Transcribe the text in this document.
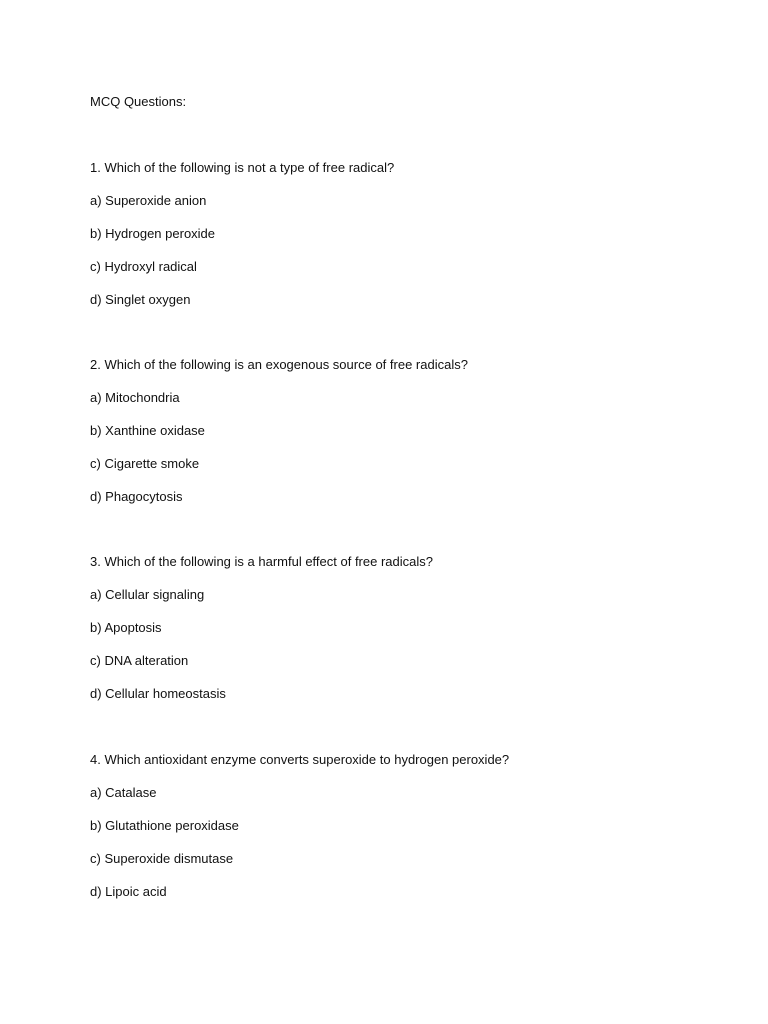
MCQ Questions:
1. Which of the following is not a type of free radical?
a) Superoxide anion
b) Hydrogen peroxide
c) Hydroxyl radical
d) Singlet oxygen
2. Which of the following is an exogenous source of free radicals?
a) Mitochondria
b) Xanthine oxidase
c) Cigarette smoke
d) Phagocytosis
3. Which of the following is a harmful effect of free radicals?
a) Cellular signaling
b) Apoptosis
c) DNA alteration
d) Cellular homeostasis
4. Which antioxidant enzyme converts superoxide to hydrogen peroxide?
a) Catalase
b) Glutathione peroxidase
c) Superoxide dismutase
d) Lipoic acid
